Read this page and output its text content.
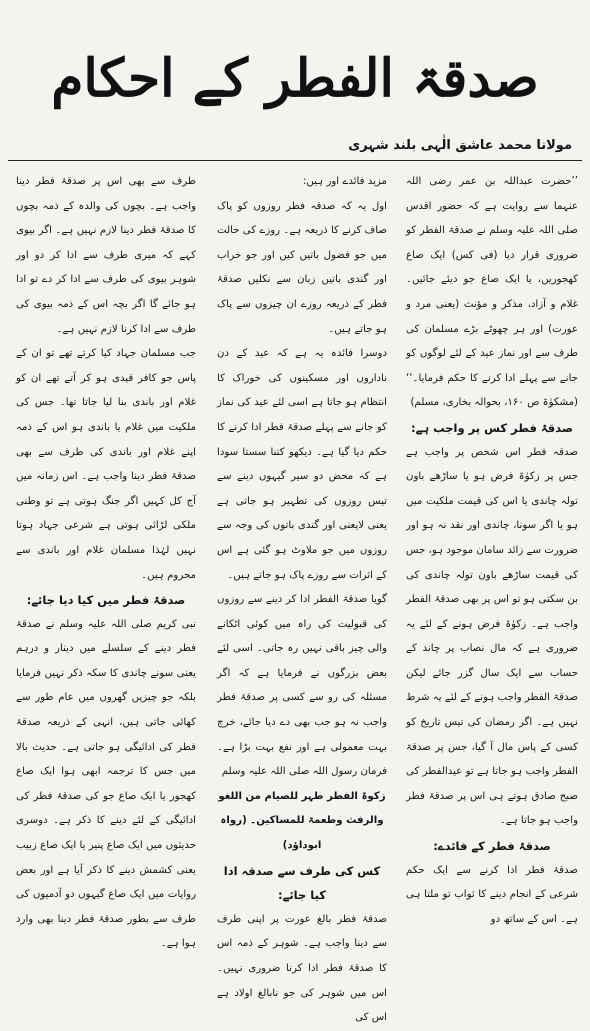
صدقۃ الفطر کے احکام
مولانا محمد عاشق الٰہی بلند شہری

’’حضرت عبداللہ بن عمر رضی اللہ عنہما سے روایت ہے کہ حضور اقدس صلی اللہ علیہ وسلم نے صدقۃ الفطر کو ضروری قرار دیا (فی کس) ایک صاع کھجوریں، یا ایک صاع جو دیئے جائیں۔ غلام و آزاد، مذکر و مؤنث (یعنی مرد و عورت) اور ہر چھوٹے بڑے مسلمان کی طرف سے اور نماز عید کے لئے لوگوں کو جانے سے پہلے ادا کرنے کا حکم فرمایا۔‘‘ (مشکوٰۃ ص ۱۶۰، بحوالہ بخاری، مسلم)

صدقۂ فطر کس پر واجب ہے:

صدقہ فطر اس شخص پر واجب ہے جس پر زکوٰۃ فرض ہو یا ساڑھے باون تولہ چاندی یا اس کی قیمت ملکیت میں ہو یا اگر سونا، چاندی اور نقد نہ ہو اور ضرورت سے زائد سامان موجود ہو، جس کی قیمت ساڑھے باون تولہ چاندی کی بن سکتی ہو تو اس پر بھی صدقۂ الفطر واجب ہے۔ زکوٰۃ فرض ہونے کے لئے یہ ضروری ہے کہ مال نصاب پر چاند کے حساب سے ایک سال گزر جائے لیکن صدقۃ الفطر واجب ہونے کے لئے یہ شرط نہیں ہے۔ اگر رمضان کی تیس تاریخ کو کسی کے پاس مال آ گیا، جس پر صدقۃ الفطر واجب ہو جاتا ہے تو عیدالفطر کی صبح صادق ہوتے ہی اس پر صدقۂ فطر واجب ہو جاتا ہے۔

صدقۂ فطر کے فائدے:

صدقۂ فطر ادا کرنے سے ایک حکم شرعی کے انجام دینے کا ثواب تو ملتا ہی ہے۔ اس کے ساتھ دو

مزید فائدے اور ہیں:

اول یہ کہ صدقہ فطر روزوں کو پاک صاف کرنے کا ذریعہ ہے۔ روزے کی حالت میں جو فضول باتیں کیں اور جو خراب اور گندی باتیں زبان سے نکلیں صدقۂ فطر کے ذریعہ روزے ان چیزوں سے پاک ہو جاتے ہیں۔

دوسرا فائدہ یہ ہے کہ عید کے دن ناداروں اور مسکینوں کی خوراک کا انتظام ہو جاتا ہے اسی لئے عید کی نماز کو جانے سے پہلے صدقۂ فطر ادا کرنے کا حکم دیا گیا ہے۔ دیکھو کتنا سستا سودا ہے کہ محض دو سیر گیہوں دینے سے تیس روزوں کی تطہیر ہو جاتی ہے یعنی لایعنی اور گندی باتوں کی وجہ سے روزوں میں جو ملاوٹ ہو گئی ہے اس کے اثرات سے روزے پاک ہو جاتے ہیں۔

گویا صدقۃ الفطر ادا کر دینے سے روزوں کی قبولیت کی راہ میں کوئی اٹکانے والی چیز باقی نہیں رہ جاتی۔ اسی لئے بعض بزرگوں نے فرمایا ہے کہ اگر مسئلہ کی رو سے کسی پر صدقۂ فطر واجب نہ ہو جب بھی دے دیا جائے، خرچ بہت معمولی ہے اور نفع بہت بڑا ہے۔ فرمان رسول اللہ صلی اللہ علیہ وسلم

زکوۃ الفطر طہر للصیام من اللغو والرفث وطعمۃ للمساکین۔ (رواہ ابوداؤد)

کس کی طرف سے صدقہ ادا کیا جائے:

صدقۂ فطر بالغ عورت پر اپنی طرف سے دینا واجب ہے۔ شوہر کے ذمہ اس کا صدقۂ فطر ادا کرنا ضروری نہیں۔ اس میں شوہر کی جو نابالغ اولاد ہے اس کی

طرف سے بھی اس پر صدقۂ فطر دینا واجب ہے۔ بچوں کی والدہ کے ذمہ بچوں کا صدقۂ فطر دینا لازم نہیں ہے۔ اگر بیوی کہے کہ میری طرف سے ادا کر دو اور شوہر بیوی کی طرف سے ادا کر دے تو ادا ہو جائے گا اگر بچہ اس کے ذمہ بیوی کی طرف سے ادا کرنا لازم نہیں ہے۔

جب مسلمان جہاد کیا کرتے تھے تو ان کے پاس جو کافر قیدی ہو کر آتے تھے ان کو غلام اور باندی بنا لیا جاتا تھا۔ جس کی ملکیت میں غلام یا باندی ہو اس کے ذمہ اپنے غلام اور باندی کی طرف سے بھی صدقۂ فطر دینا واجب ہے۔ اس زمانہ میں آج کل کہیں اگر جنگ ہوتی ہے تو وطنی ملکی لڑائی ہوتی ہے شرعی جہاد ہوتا نہیں لہٰذا مسلمان غلام اور باندی سے محروم ہیں۔

صدقۂ فطر میں کیا دیا جائے:

نبی کریم صلی اللہ علیہ وسلم نے صدقۂ فطر دینے کے سلسلے میں دینار و درہم یعنی سونے چاندی کا سکہ ذکر نہیں فرمایا بلکہ جو چیزیں گھروں میں عام طور سے کھائی جاتی ہیں، انہی کے ذریعہ صدقۂ فطر کی ادائیگی ہو جاتی ہے۔ حدیث بالا میں جس کا ترجمہ ابھی ہوا ایک صاع کھجور یا ایک صاع جو کی صدقۂ فطر کی ادائیگی کے لئے دینے کا ذکر ہے۔ دوسری حدیثوں میں ایک صاع پنیر یا ایک صاع زبیب یعنی کشمش دینے کا ذکر آیا ہے اور بعض روایات میں ایک صاع گیہوں دو آدمیوں کی طرف سے بطور صدقۂ فطر دینا بھی وارد ہوا ہے۔
